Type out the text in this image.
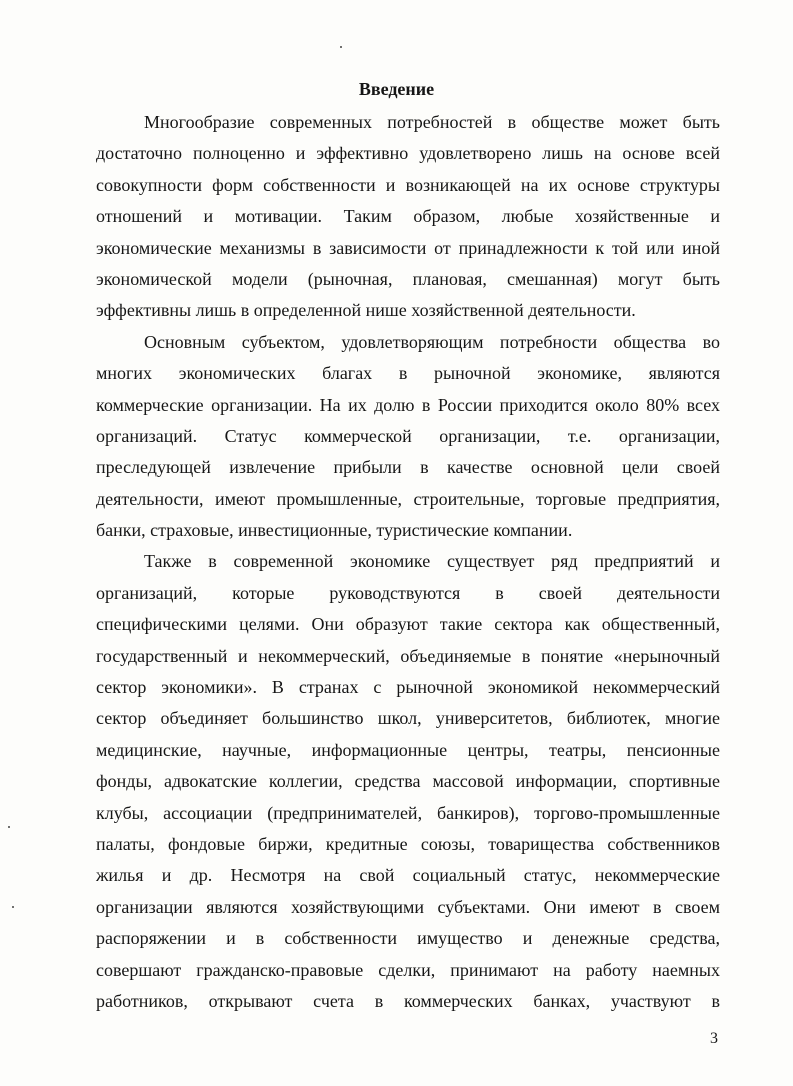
Введение
Многообразие современных потребностей в обществе может быть
достаточно полноценно и эффективно удовлетворено лишь на основе всей
совокупности форм собственности и возникающей на их основе структуры
отношений и мотивации. Таким образом, любые хозяйственные и
экономические механизмы в зависимости от принадлежности к той или иной
экономической модели (рыночная, плановая, смешанная) могут быть
эффективны лишь в определенной нише хозяйственной деятельности.
Основным субъектом, удовлетворяющим потребности общества во
многих экономических благах в рыночной экономике, являются
коммерческие организации. На их долю в России приходится около 80% всех
организаций. Статус коммерческой организации, т.е. организации,
преследующей извлечение прибыли в качестве основной цели своей
деятельности, имеют промышленные, строительные, торговые предприятия,
банки, страховые, инвестиционные, туристические компании.
Также в современной экономике существует ряд предприятий и
организаций, которые руководствуются в своей деятельности
специфическими целями. Они образуют такие сектора как общественный,
государственный и некоммерческий, объединяемые в понятие «нерыночный
сектор экономики». В странах с рыночной экономикой некоммерческий
сектор объединяет большинство школ, университетов, библиотек, многие
медицинские, научные, информационные центры, театры, пенсионные
фонды, адвокатские коллегии, средства массовой информации, спортивные
клубы, ассоциации (предпринимателей, банкиров), торгово-промышленные
палаты, фондовые биржи, кредитные союзы, товарищества собственников
жилья и др. Несмотря на свой социальный статус, некоммерческие
организации являются хозяйствующими субъектами. Они имеют в своем
распоряжении и в собственности имущество и денежные средства,
совершают гражданско-правовые сделки, принимают на работу наемных
работников, открывают счета в коммерческих банках, участвуют в
3
